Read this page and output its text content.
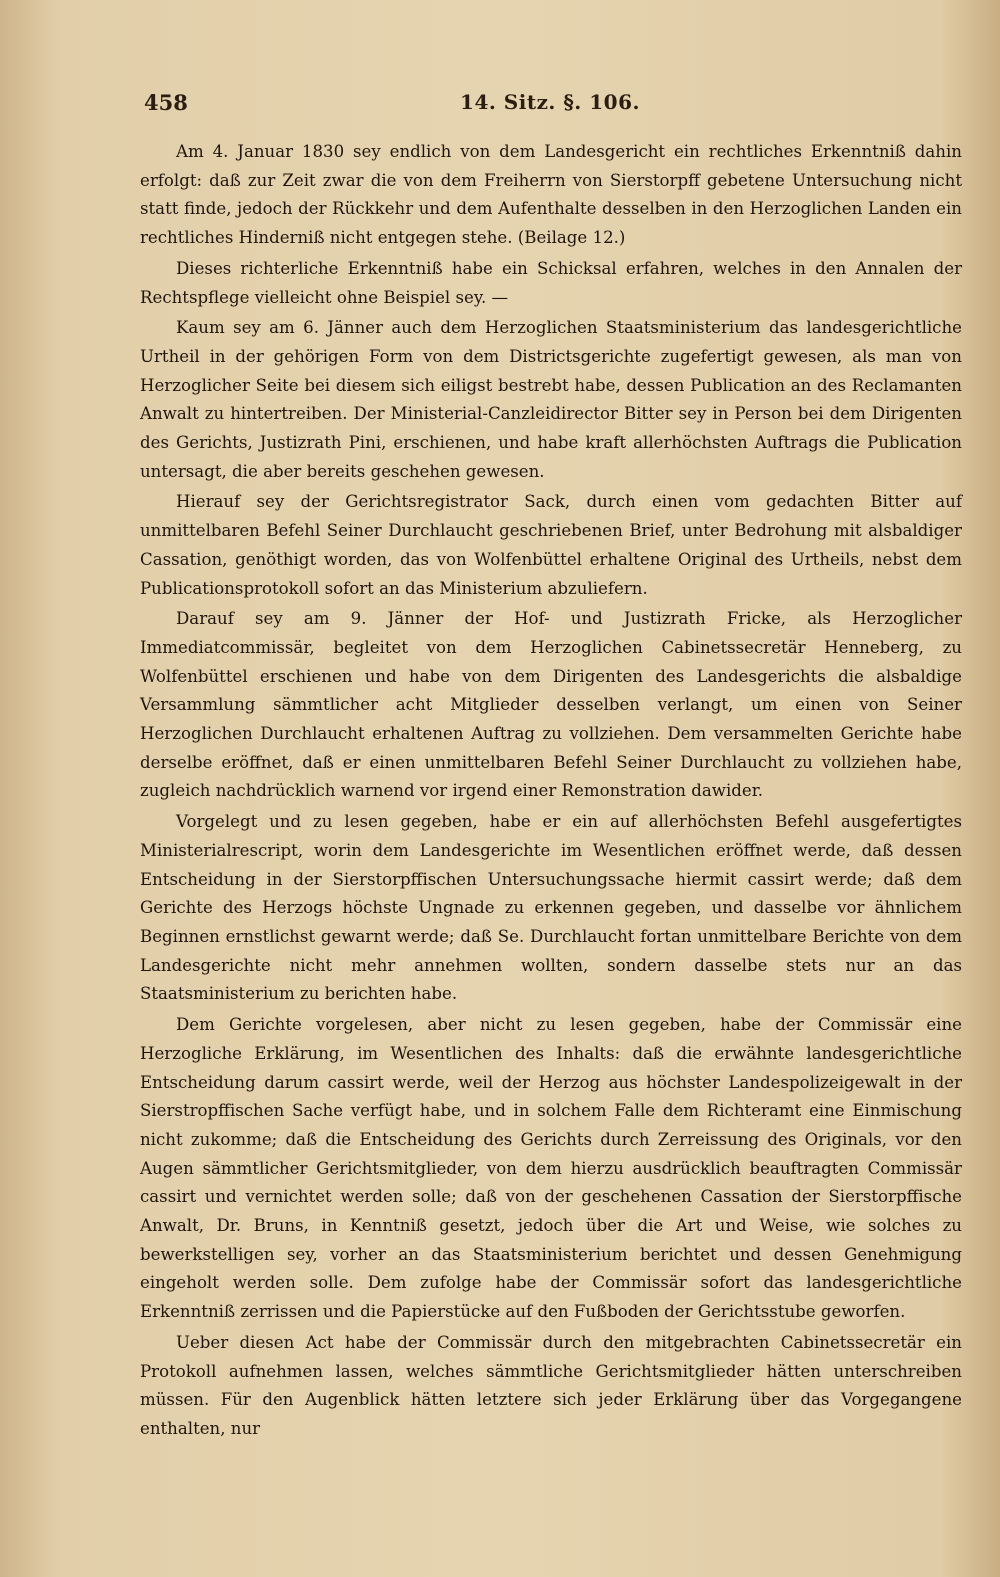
458	14. Sitz. §. 106.

Am 4. Januar 1830 sey endlich von dem Landesgericht ein rechtliches Erkenntniß dahin erfolgt: daß zur Zeit zwar die von dem Freiherrn von Sierstorpff gebetene Untersuchung nicht statt finde, jedoch der Rückkehr und dem Aufenthalte desselben in den Herzoglichen Landen ein rechtliches Hinderniß nicht entgegen stehe. (Beilage 12.)

Dieses richterliche Erkenntniß habe ein Schicksal erfahren, welches in den Annalen der Rechtspflege vielleicht ohne Beispiel sey. —

Kaum sey am 6. Jänner auch dem Herzoglichen Staatsministerium das landesgerichtliche Urtheil in der gehörigen Form von dem Districtsgerichte zugefertigt gewesen, als man von Herzoglicher Seite bei diesem sich eiligst bestrebt habe, dessen Publication an des Reclamanten Anwalt zu hintertreiben. Der Ministerial-Canzleidirector Bitter sey in Person bei dem Dirigenten des Gerichts, Justizrath Pini, erschienen, und habe kraft allerhöchsten Auftrags die Publication untersagt, die aber bereits geschehen gewesen.

Hierauf sey der Gerichtsregistrator Sack, durch einen vom gedachten Bitter auf unmittelbaren Befehl Seiner Durchlaucht geschriebenen Brief, unter Bedrohung mit alsbaldiger Cassation, genöthigt worden, das von Wolfenbüttel erhaltene Original des Urtheils, nebst dem Publicationsprotokoll sofort an das Ministerium abzuliefern.

Darauf sey am 9. Jänner der Hof- und Justizrath Fricke, als Herzoglicher Immediatcommissär, begleitet von dem Herzoglichen Cabinetssecretär Henneberg, zu Wolfenbüttel erschienen und habe von dem Dirigenten des Landesgerichts die alsbaldige Versammlung sämmtlicher acht Mitglieder desselben verlangt, um einen von Seiner Herzoglichen Durchlaucht erhaltenen Auftrag zu vollziehen. Dem versammelten Gerichte habe derselbe eröffnet, daß er einen unmittelbaren Befehl Seiner Durchlaucht zu vollziehen habe, zugleich nachdrücklich warnend vor irgend einer Remonstration dawider.

Vorgelegt und zu lesen gegeben, habe er ein auf allerhöchsten Befehl ausgefertigtes Ministerialrescript, worin dem Landesgerichte im Wesentlichen eröffnet werde, daß dessen Entscheidung in der Sierstorpffischen Untersuchungssache hiermit cassirt werde; daß dem Gerichte des Herzogs höchste Ungnade zu erkennen gegeben, und dasselbe vor ähnlichem Beginnen ernstlichst gewarnt werde; daß Se. Durchlaucht fortan unmittelbare Berichte von dem Landesgerichte nicht mehr annehmen wollten, sondern dasselbe stets nur an das Staatsministerium zu berichten habe.

Dem Gerichte vorgelesen, aber nicht zu lesen gegeben, habe der Commissär eine Herzogliche Erklärung, im Wesentlichen des Inhalts: daß die erwähnte landesgerichtliche Entscheidung darum cassirt werde, weil der Herzog aus höchster Landespolizeigewalt in der Sierstropffischen Sache verfügt habe, und in solchem Falle dem Richteramt eine Einmischung nicht zukomme; daß die Entscheidung des Gerichts durch Zerreissung des Originals, vor den Augen sämmtlicher Gerichtsmitglieder, von dem hierzu ausdrücklich beauftragten Commissär cassirt und vernichtet werden solle; daß von der geschehenen Cassation der Sierstorpffische Anwalt, Dr. Bruns, in Kenntniß gesetzt, jedoch über die Art und Weise, wie solches zu bewerkstelligen sey, vorher an das Staatsministerium berichtet und dessen Genehmigung eingeholt werden solle. Dem zufolge habe der Commissär sofort das landesgerichtliche Erkenntniß zerrissen und die Papierstücke auf den Fußboden der Gerichtsstube geworfen.

Ueber diesen Act habe der Commissär durch den mitgebrachten Cabinetssecretär ein Protokoll aufnehmen lassen, welches sämmtliche Gerichtsmitglieder hätten unterschreiben müssen. Für den Augenblick hätten letztere sich jeder Erklärung über das Vorgegangene enthalten, nur
